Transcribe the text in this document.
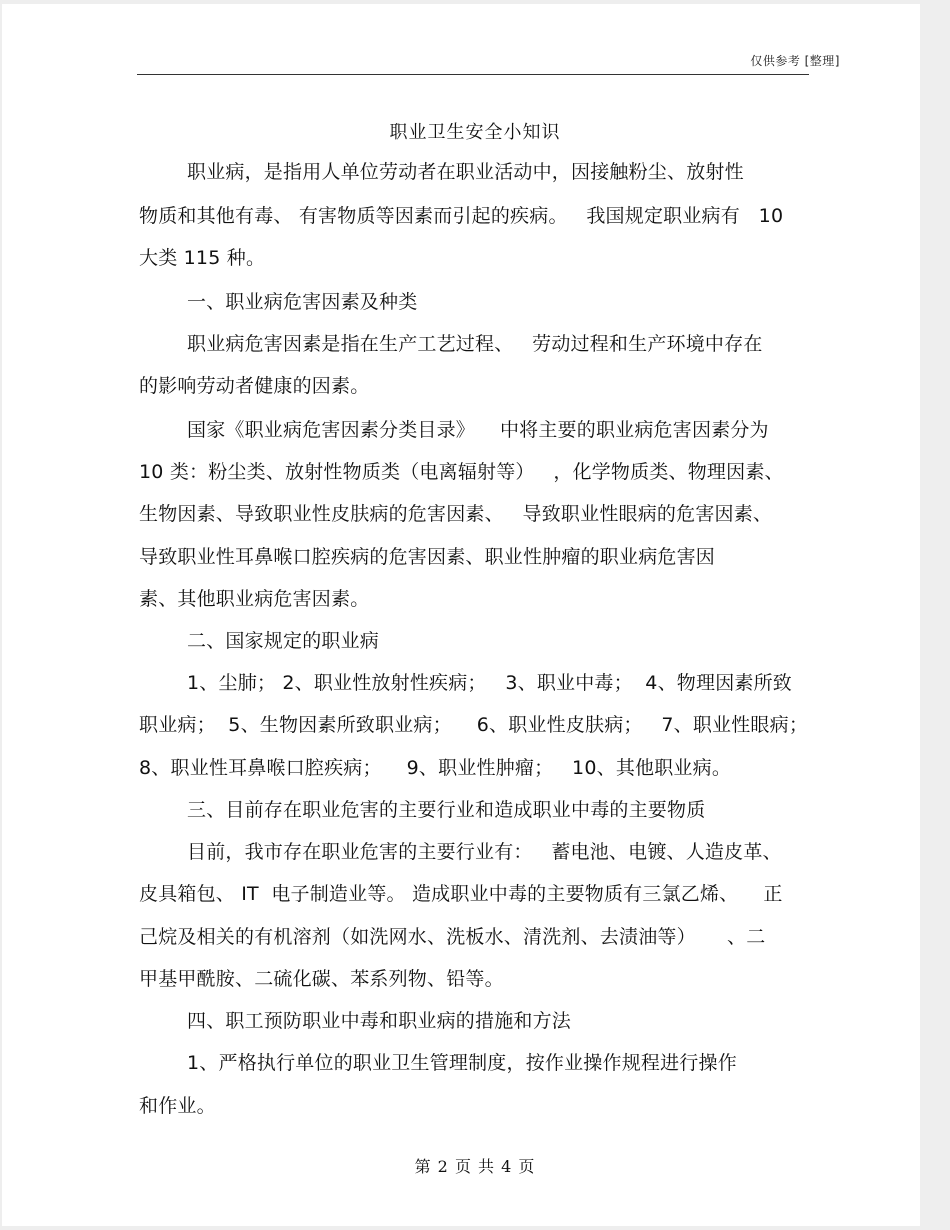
仅供参考 [整理]
职业卫生安全小知识
职业病，是指用人单位劳动者在职业活动中，因接触粉尘、放射性
物质和其他有毒、 有害物质等因素而引起的疾病。   我国规定职业病有   10
大类 115 种。
一、职业病危害因素及种类
职业病危害因素是指在生产工艺过程、   劳动过程和生产环境中存在
的影响劳动者健康的因素。
国家《职业病危害因素分类目录》    中将主要的职业病危害因素分为
10 类：粉尘类、放射性物质类（电离辐射等）   ，化学物质类、物理因素、
生物因素、导致职业性皮肤病的危害因素、   导致职业性眼病的危害因素、
导致职业性耳鼻喉口腔疾病的危害因素、职业性肿瘤的职业病危害因
素、其他职业病危害因素。
二、国家规定的职业病
1、尘肺； 2、职业性放射性疾病；   3、职业中毒；  4、物理因素所致
职业病；  5、生物因素所致职业病；    6、职业性皮肤病；   7、职业性眼病；
8、职业性耳鼻喉口腔疾病；    9、职业性肿瘤；   10、其他职业病。
三、目前存在职业危害的主要行业和造成职业中毒的主要物质
目前，我市存在职业危害的主要行业有：   蓄电池、电镀、人造皮革、
皮具箱包、 IT  电子制造业等。 造成职业中毒的主要物质有三氯乙烯、    正
己烷及相关的有机溶剂（如洗网水、洗板水、清洗剂、去渍油等）     、二
甲基甲酰胺、二硫化碳、苯系列物、铅等。
四、职工预防职业中毒和职业病的措施和方法
1、严格执行单位的职业卫生管理制度，按作业操作规程进行操作
和作业。
第 2 页 共 4 页
